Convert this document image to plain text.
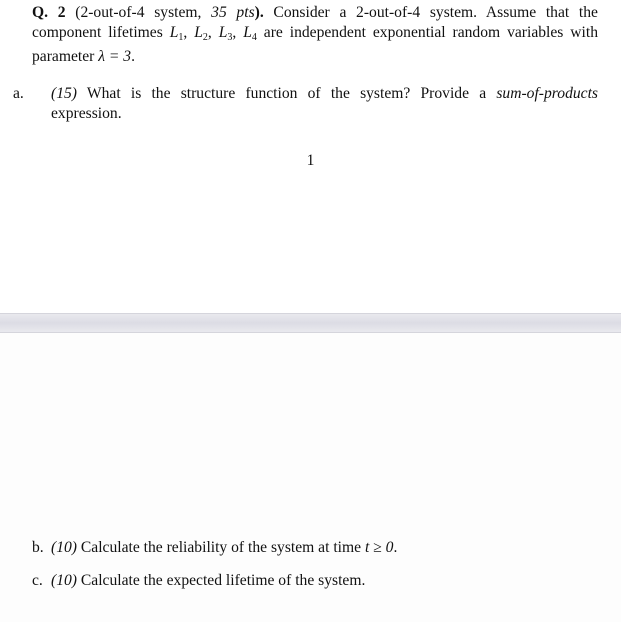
Q. 2 (2-out-of-4 system, 35 pts). Consider a 2-out-of-4 system. Assume that the component lifetimes $L_1$, $L_2$, $L_3$, $L_4$ are independent exponential random variables with parameter λ = 3.
a. (15) What is the structure function of the system? Provide a sum-of-products expression.
1
b. (10) Calculate the reliability of the system at time t ≥ 0.
c. (10) Calculate the expected lifetime of the system.
